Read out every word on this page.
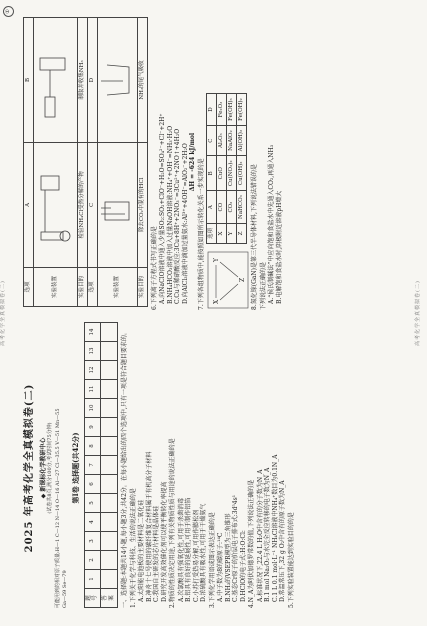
高考化学全真模拟卷(二)	高考化学全真模拟卷(二)
①
2025 年高考化学全真模拟卷(二) ◆ 新课标化学教研中心 (试卷共8页,满分100分,考试时间75分钟) 可能用到的相对原子质量:H—1 C—12 N—14 O—16 Al—27 Cl—35.5 V—51 Mn—55 Ga—59 Se—79
第Ⅰ卷 选择题(共42分)
题号	1	2	3	4	5	6	7	8	9	10	11	12	13	14
答案														一、选择题:本题共14小题,每小题3分,共42分。在每小题给出的四个选项中,只有一项是符合题目要求的。 1.下列关于化学与科技、生活的说法正确的是 A.太阳能电池板的主要材料是二氧化硅 B.神舟十七号使用的碳纤维复合材料属于有机高分子材料 C.我国自主研发的芯片材料是晶体硅 D.研究开发高效催化剂可以使平衡转化率提高 2.物质的性质决定用途,下列有关物质性质与用途的说法正确的是 A.次氯酸具有强氧化性,可用于杀菌消毒 B.铝具有良好的延展性,可用于制作铝箔 C.小苏打受热易分解,可用作膨松剂 D.浓硫酸具有吸水性,可用于干燥氨气 3.下列化学用语或图示表达正确的是 A.中子数为8的碳原子:¹⁴C B.NH₃的VSEPR模型为三角锥形 C.基态Cr原子的价层电子排布式:3d⁵4s¹ D.HClO的电子式:H:O:Cl: 4.N_A为阿伏加德罗常数的值,下列说法正确的是 A.标准状况下,22.4 L H₂O中含有的分子数为N_A B.1 mol Na₂O₂与水完全反应转移的电子数为N_A C.1 L 0.1 mol·L⁻¹ NH₄Cl溶液中NH₄⁺数目为0.1N_A D.常温常压下,32 g O₂中含有的原子数为N_A 5.下列实验装置能达到实验目的的是
选项	A	B
实验装置		
实验目的	检验NH₄Cl受热分解的产物	制取并收集NH₃
选项	C	D
实验装置		
实验目的	除去CO₂中混有的HCl	NH₃的尾气吸收
6.下列离子方程式书写正确的是 A.向NaClO溶液中通入少量SO₂:SO₂+ClO⁻+H₂O=SO₄²⁻+Cl⁻+2H⁺ B.NH₄HCO₃溶液中加入过量NaOH溶液:NH₄⁺+OH⁻=NH₃·H₂O C.Cu与稀硝酸反应:3Cu+8H⁺+2NO₃⁻=3Cu²⁺+2NO↑+4H₂O D.向AlCl₃溶液中滴加过量氨水:Al³⁺+4OH⁻=AlO₂⁻+2H₂O ΔH = -624 kJ/mol 7.下列各组物质中,能按照如图所示转化关系一步实现的是 X
Y
Z
选项	A	B	C	D
X	CO	CuO	Al₂O₃	Fe₂O₃
Y	CO₂	Cu(NO₃)₂	NaAlO₂	Fe(OH)₃
Z	NaHCO₃	Cu(OH)₂	Al(OH)₃	Fe(OH)₂
8.氮化镓(GaN)是第三代半导体材料,下列说法错误的是 下列说法正确的是 A.“侯氏制碱法”中应向饱和食盐水中先通入CO₂,再通入NH₃ B.电解饱和食盐水时,阴极附近溶液pH增大
